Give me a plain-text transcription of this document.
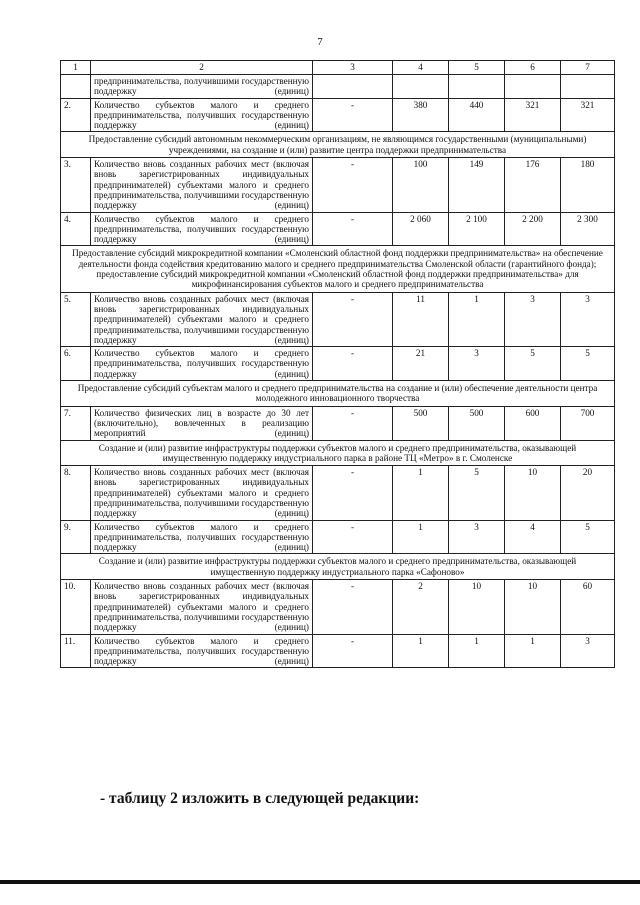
7
1	2	3	4	5	6	7
	предпринимательства, получившими государственную поддержку (единиц)					
2.	Количество субъектов малого и среднего предпринимательства, получивших государственную поддержку (единиц)	-	380	440	321	321
Предоставление субсидий автономным некоммерческим организациям, не являющимся государственными (муниципальными) учреждениями, на создание и (или) развитие центра поддержки предпринимательства						
3.	Количество вновь созданных рабочих мест (включая вновь зарегистрированных индивидуальных предпринимателей) субъектами малого и среднего предпринимательства, получившими государственную поддержку (единиц)	-	100	149	176	180
4.	Количество субъектов малого и среднего предпринимательства, получивших государственную поддержку (единиц)	-	2 060	2 100	2 200	2 300
Предоставление субсидий микрокредитной компании «Смоленский областной фонд поддержки предпринимательства» на обеспечение деятельности фонда содействия кредитованию малого и среднего предпринимательства Смоленской области (гарантийного фонда); предоставление субсидий микрокредитной компании «Смоленский областной фонд поддержки предпринимательства» для микрофинансирования субъектов малого и среднего предпринимательства						
5.	Количество вновь созданных рабочих мест (включая вновь зарегистрированных индивидуальных предпринимателей) субъектами малого и среднего предпринимательства, получившими государственную поддержку (единиц)	-	11	1	3	3
6.	Количество субъектов малого и среднего предпринимательства, получивших государственную поддержку (единиц)	-	21	3	5	5
Предоставление субсидий субъектам малого и среднего предпринимательства на создание и (или) обеспечение деятельности центра молодежного инновационного творчества						
7.	Количество физических лиц в возрасте до 30 лет (включительно), вовлеченных в реализацию мероприятий (единиц)	-	500	500	600	700
Создание и (или) развитие инфраструктуры поддержки субъектов малого и среднего предпринимательства, оказывающей имущественную поддержку индустриального парка в районе ТЦ «Метро» в г. Смоленске						
8.	Количество вновь созданных рабочих мест (включая вновь зарегистрированных индивидуальных предпринимателей) субъектами малого и среднего предпринимательства, получившими государственную поддержку (единиц)	-	1	5	10	20
9.	Количество субъектов малого и среднего предпринимательства, получивших государственную поддержку (единиц)	-	1	3	4	5
Создание и (или) развитие инфраструктуры поддержки субъектов малого и среднего предпринимательства, оказывающей имущественную поддержку индустриального парка «Сафоново»						
10.	Количество вновь созданных рабочих мест (включая вновь зарегистрированных индивидуальных предпринимателей) субъектами малого и среднего предпринимательства, получившими государственную поддержку (единиц)	-	2	10	10	60
11.	Количество субъектов малого и среднего предпринимательства, получивших государственную поддержку (единиц)	-	1	1	1	3
- таблицу 2 изложить в следующей редакции:
